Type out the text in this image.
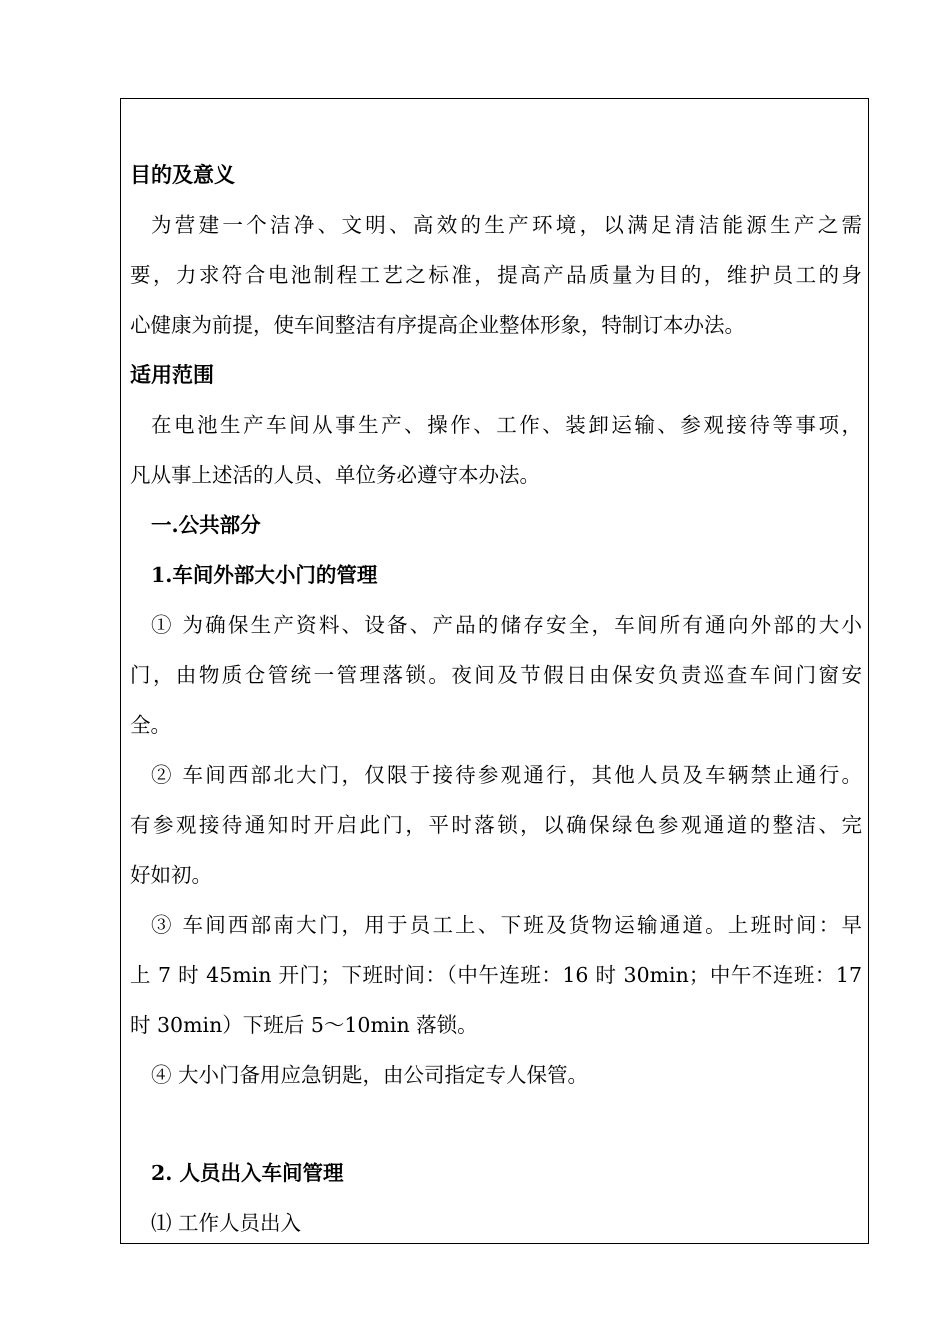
目的及意义
为营建一个洁净、文明、高效的生产环境，以满足清洁能源生产之需
要，力求符合电池制程工艺之标准，提高产品质量为目的，维护员工的身
心健康为前提，使车间整洁有序提高企业整体形象，特制订本办法。
适用范围
在电池生产车间从事生产、操作、工作、装卸运输、参观接待等事项，
凡从事上述活的人员、单位务必遵守本办法。
一.公共部分
1.车间外部大小门的管理
① 为确保生产资料、设备、产品的储存安全，车间所有通向外部的大小
门，由物质仓管统一管理落锁。夜间及节假日由保安负责巡查车间门窗安
全。
② 车间西部北大门，仅限于接待参观通行，其他人员及车辆禁止通行。
有参观接待通知时开启此门，平时落锁，以确保绿色参观通道的整洁、完
好如初。
③ 车间西部南大门，用于员工上、下班及货物运输通道。上班时间：早
上 7 时 45min 开门；下班时间：（中午连班：16 时 30min；中午不连班：17
时 30min）下班后 5～10min 落锁。
④ 大小门备用应急钥匙，由公司指定专人保管。
2. 人员出入车间管理
⑴ 工作人员出入
